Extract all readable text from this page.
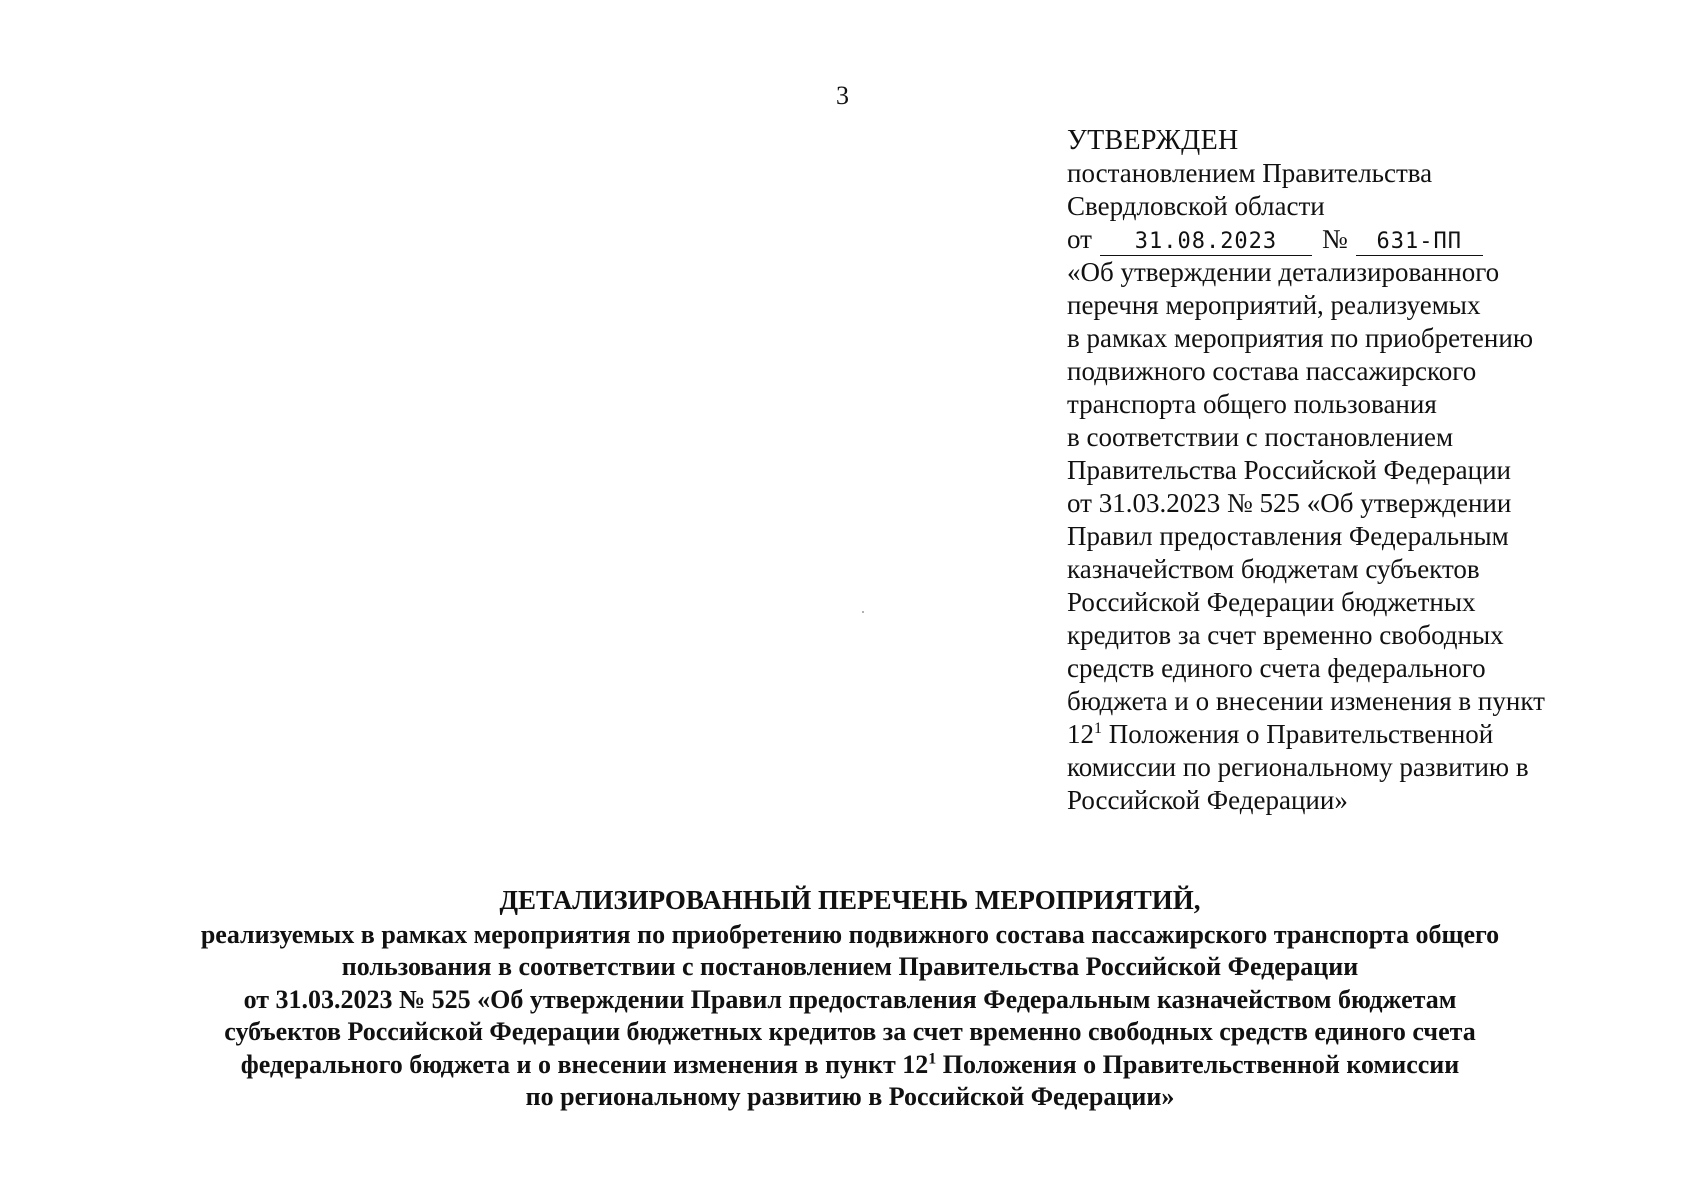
3
УТВЕРЖДЕН
постановлением Правительства
Свердловской области
от 31.08.2023 № 631-ПП
«Об утверждении детализированного
перечня мероприятий, реализуемых
в рамках мероприятия по приобретению
подвижного состава пассажирского
транспорта общего пользования
в соответствии с постановлением
Правительства Российской Федерации
от 31.03.2023 № 525 «Об утверждении
Правил предоставления Федеральным
казначейством бюджетам субъектов
Российской Федерации бюджетных
кредитов за счет временно свободных
средств единого счета федерального
бюджета и о внесении изменения в пункт
$12^1$ Положения о Правительственной
комиссии по региональному развитию в
Российской Федерации»
ДЕТАЛИЗИРОВАННЫЙ ПЕРЕЧЕНЬ МЕРОПРИЯТИЙ,
реализуемых в рамках мероприятия по приобретению подвижного состава пассажирского транспорта общего
пользования в соответствии с постановлением Правительства Российской Федерации
от 31.03.2023 № 525 «Об утверждении Правил предоставления Федеральным казначейством бюджетам
субъектов Российской Федерации бюджетных кредитов за счет временно свободных средств единого счета
федерального бюджета и о внесении изменения в пункт $12^1$ Положения о Правительственной комиссии
по региональному развитию в Российской Федерации»
